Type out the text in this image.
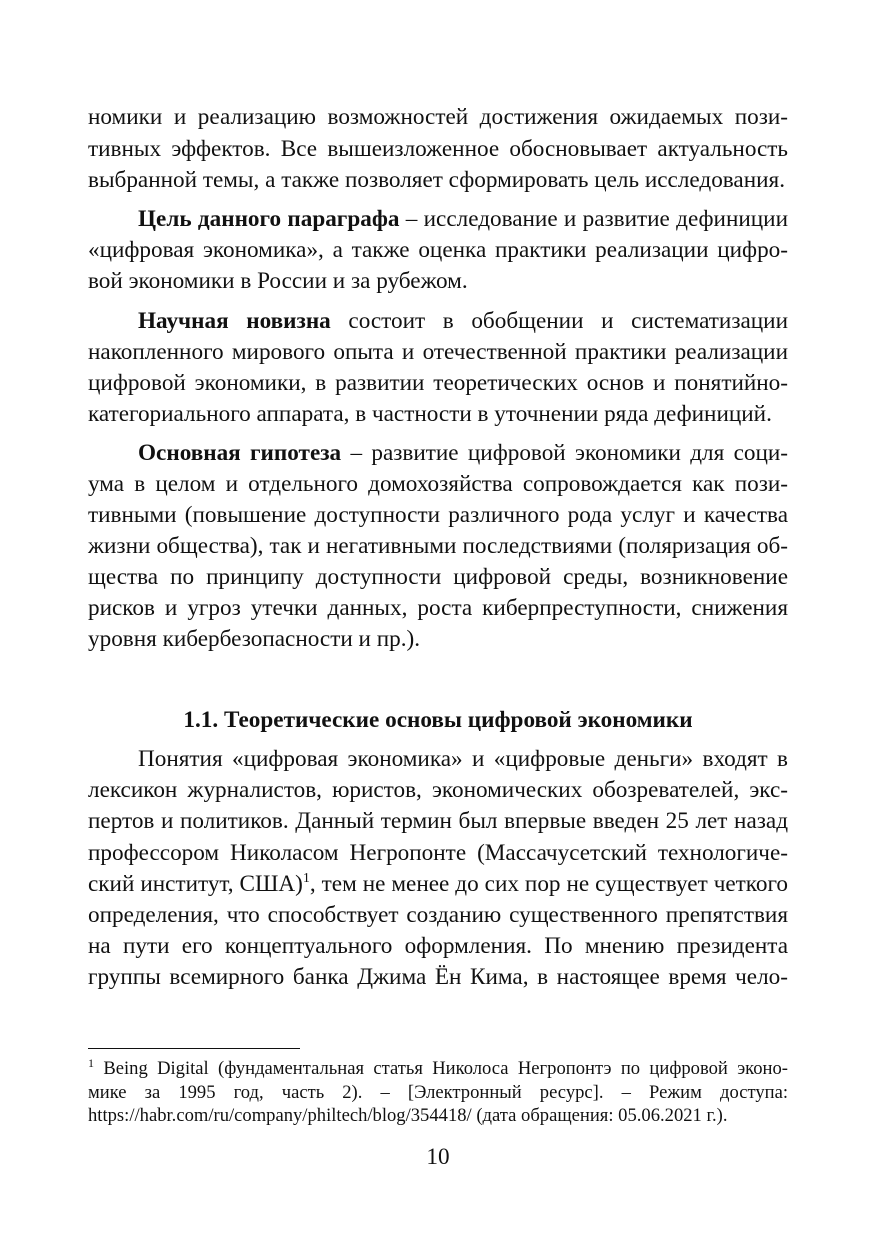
номики и реализацию возможностей достижения ожидаемых пози-
тивных эффектов. Все вышеизложенное обосновывает актуальность
выбранной темы, а также позволяет сформировать цель исследования.
Цель данного параграфа – исследование и развитие дефиниции
«цифровая экономика», а также оценка практики реализации цифро-
вой экономики в России и за рубежом.
Научная новизна состоит в обобщении и систематизации
накопленного мирового опыта и отечественной практики реализации
цифровой экономики, в развитии теоретических основ и понятийно-
категориального аппарата, в частности в уточнении ряда дефиниций.
Основная гипотеза – развитие цифровой экономики для соци-
ума в целом и отдельного домохозяйства сопровождается как пози-
тивными (повышение доступности различного рода услуг и качества
жизни общества), так и негативными последствиями (поляризация об-
щества по принципу доступности цифровой среды, возникновение
рисков и угроз утечки данных, роста киберпреступности, снижения
уровня кибербезопасности и пр.).
1.1. Теоретические основы цифровой экономики
Понятия «цифровая экономика» и «цифровые деньги» входят в
лексикон журналистов, юристов, экономических обозревателей, экс-
пертов и политиков. Данный термин был впервые введен 25 лет назад
профессором Николасом Негропонте (Массачусетский технологиче-
ский институт, США)$^1$, тем не менее до сих пор не существует четкого
определения, что способствует созданию существенного препятствия
на пути его концептуального оформления. По мнению президента
группы всемирного банка Джима Ён Кима, в настоящее время чело-
$^1$ Being Digital (фундаментальная статья Николоса Негропонтэ по цифровой эконо-
мике за 1995 год, часть 2). – [Электронный ресурс]. – Режим доступа:
https://habr.com/ru/company/philtech/blog/354418/ (дата обращения: 05.06.2021 г.).
10
